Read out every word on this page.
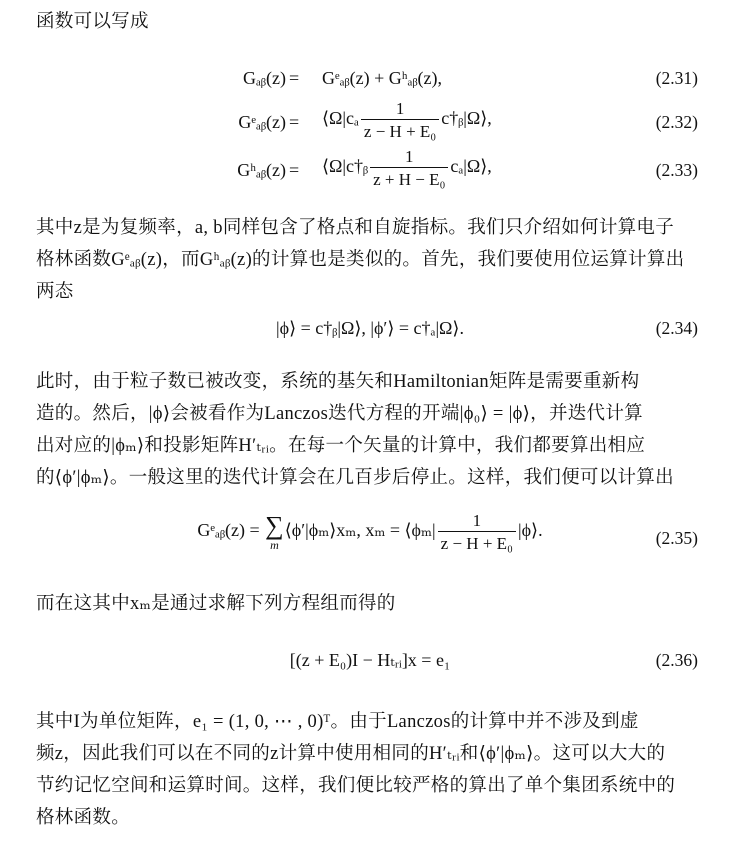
函数可以写成
Gₐᵦ(z) = Gᵉₐᵦ(z) + Gʰₐᵦ(z),	(2.31)
Gᵉₐᵦ(z) = ⟨Ω|cₐ $\frac{1}{\text{z − H + E₀}}$ c†ᵦ|Ω⟩,	(2.32)
Gʰₐᵦ(z) = ⟨Ω|c†ᵦ $\frac{1}{\text{z + H − E₀}}$ cₐ|Ω⟩,	(2.33)
其中z是为复频率，a, b同样包含了格点和自旋指标。我们只介绍如何计算电子
格林函数Gᵉₐᵦ(z)，而Gʰₐᵦ(z)的计算也是类似的。首先，我们要使用位运算计算出
两态
|ϕ⟩ = c†ᵦ|Ω⟩, |ϕ′⟩ = c†ₐ|Ω⟩.	(2.34)
此时，由于粒子数已被改变，系统的基矢和Hamiltonian矩阵是需要重新构
造的。然后，|ϕ⟩会被看作为Lanczos迭代方程的开端|ϕ₀⟩ = |ϕ⟩，并迭代计算
出对应的|ϕₘ⟩和投影矩阵H′ₜᵣᵢ。在每一个矢量的计算中，我们都要算出相应
的⟨ϕ′|ϕₘ⟩。一般这里的迭代计算会在几百步后停止。这样，我们便可以计算出
Gᵉₐᵦ(z) = ∑
m
⟨ϕ′|ϕₘ⟩xₘ, xₘ = ⟨ϕₘ| $\frac{1}{\text{z − H + E₀}}$ |ϕ⟩.	(2.35)
而在这其中xₘ是通过求解下列方程组而得的
[(z + E₀)I − Hₜᵣᵢ]x = e₁	(2.36)
其中I为单位矩阵，e₁ = (1, 0, ⋯ , 0)ᵀ。由于Lanczos的计算中并不涉及到虚
频z，因此我们可以在不同的z计算中使用相同的H′ₜᵣᵢ和⟨ϕ′|ϕₘ⟩。这可以大大的
节约记忆空间和运算时间。这样，我们便比较严格的算出了单个集团系统中的
格林函数。
